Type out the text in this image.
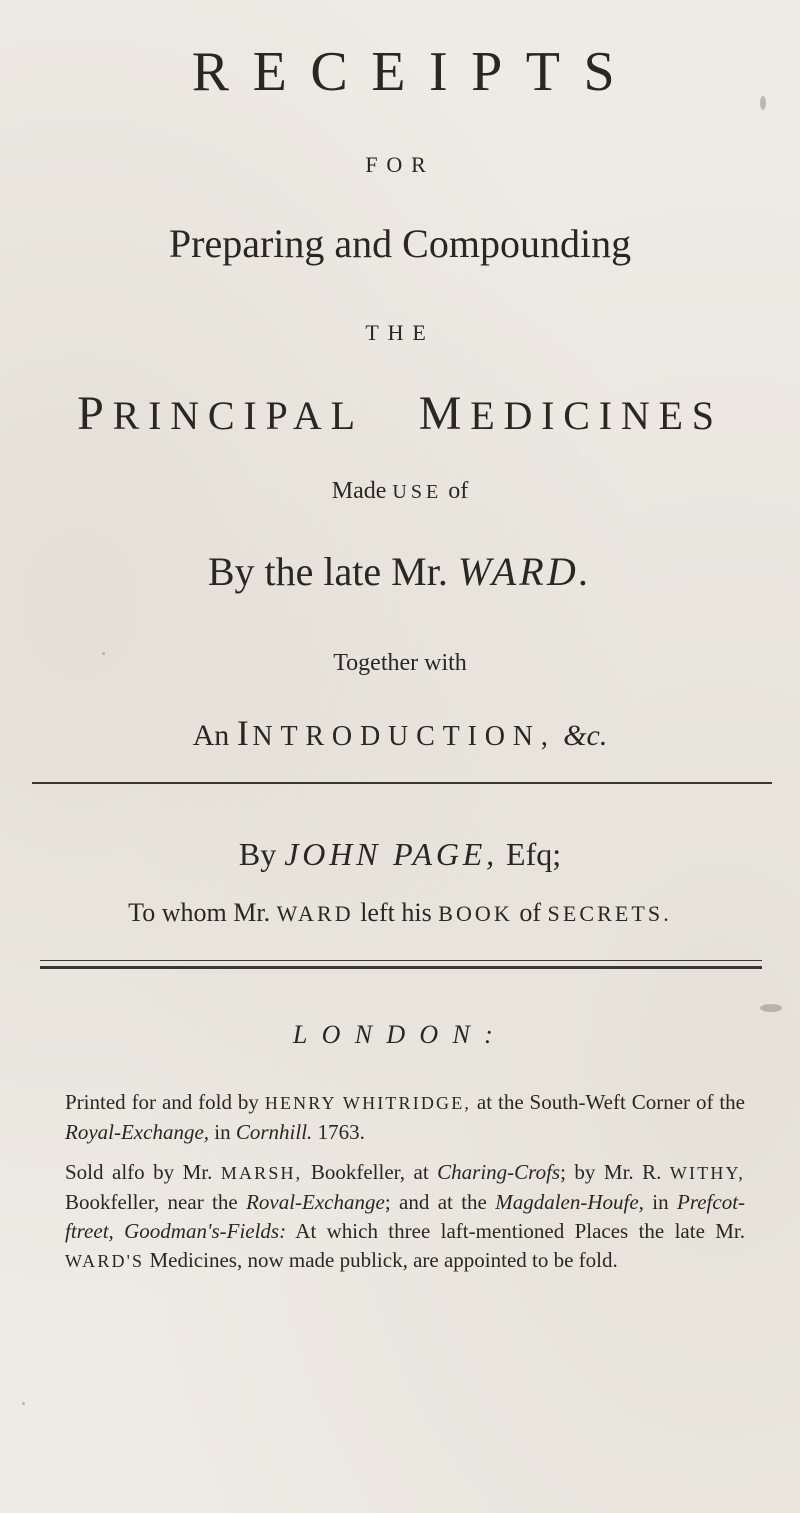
RECEIPTS
FOR
Preparing and Compounding
THE
PRINCIPAL MEDICINES
Made USE of
By the late Mr. WARD.
Together with
An INTRODUCTION, &c.
By JOHN PAGE, Efq;
To whom Mr. WARD left his BOOK of SECRETS.
LONDON:
Printed for and fold by HENRY WHITRIDGE, at the South-Weft Corner of the Royal-Exchange, in Cornhill. 1763.
Sold alfo by Mr. MARSH, Bookfeller, at Charing-Crofs; by Mr. R. WITHY, Bookfeller, near the Roval-Exchange; and at the Magdalen-Houfe, in Prefcot-ftreet, Goodman's-Fields: At which three laft-mentioned Places the late Mr. WARD'S Medicines, now made publick, are appointed to be fold.
